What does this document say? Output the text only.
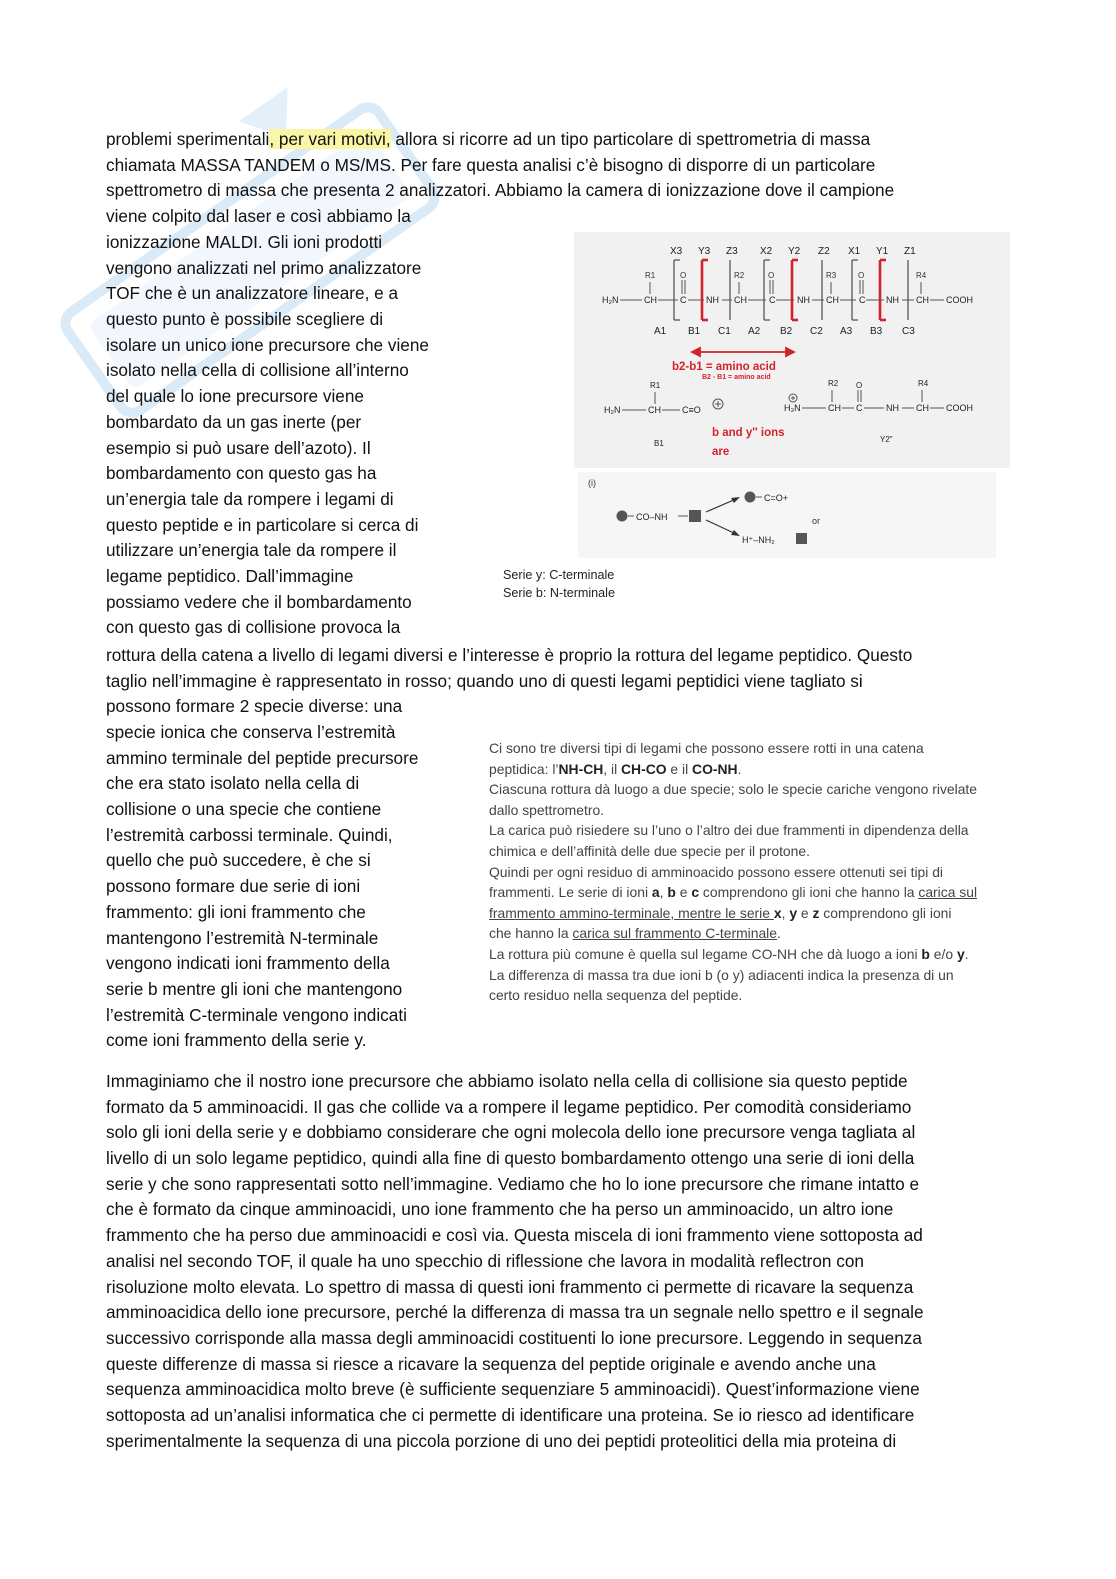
problemi sperimentali, per vari motivi, allora si ricorre ad un tipo particolare di spettrometria di massa
chiamata MASSA TANDEM o MS/MS. Per fare questa analisi c’è bisogno di disporre di un particolare
spettrometro di massa che presenta 2 analizzatori. Abbiamo la camera di ionizzazione dove il campione
viene colpito dal laser e così abbiamo la
ionizzazione MALDI. Gli ioni prodotti
vengono analizzati nel primo analizzatore
TOF che è un analizzatore lineare, e a
questo punto è possibile scegliere di
isolare un unico ione precursore che viene
isolato nella cella di collisione all’interno
del quale lo ione precursore viene
bombardato da un gas inerte (per
esempio si può usare dell’azoto). Il
bombardamento con questo gas ha
un’energia tale da rompere i legami di
questo peptide e in particolare si cerca di
utilizzare un’energia tale da rompere il
legame peptidico. Dall’immagine
possiamo vedere che il bombardamento
con questo gas di collisione provoca la
X3 Y3 Z3 X2 Y2 Z2 X1 Y1 Z1
R1	R2	R3	R4
O	O	O
H₂N	CH	C NH CH C NH CH C NH CH COOH
A1 B1 C1 A2 B2 C2 A3 B3 C3
b2-b1 = amino acid
B2 - B1 = amino acid
R1
H₂N	CH C≡O
B1
R2	R4
O
H₃N	CH C	NH CH COOH
Y2"
b and y'' ions
are
(i)
CO–NH
C=O+
H⁺–NH₂
or
Serie y: C-terminale
Serie b: N-terminale
rottura della catena a livello di legami diversi e l’interesse è proprio la rottura del legame peptidico. Questo
taglio nell’immagine è rappresentato in rosso; quando uno di questi legami peptidici viene tagliato si
possono formare 2 specie diverse: una
specie ionica che conserva l’estremità
ammino terminale del peptide precursore
che era stato isolato nella cella di
collisione o una specie che contiene
l’estremità carbossi terminale. Quindi,
quello che può succedere, è che si
possono formare due serie di ioni
frammento: gli ioni frammento che
mantengono l’estremità N-terminale
vengono indicati ioni frammento della
serie b mentre gli ioni che mantengono
l’estremità C-terminale vengono indicati
come ioni frammento della serie y.
Ci sono tre diversi tipi di legami che possono essere rotti in una catena
peptidica: l’NH-CH, il CH-CO e il CO-NH.
Ciascuna rottura dà luogo a due specie; solo le specie cariche vengono rivelate
dallo spettrometro.
La carica può risiedere su l’uno o l’altro dei due frammenti in dipendenza della
chimica e dell’affinità delle due specie per il protone.
Quindi per ogni residuo di amminoacido possono essere ottenuti sei tipi di
frammenti. Le serie di ioni a, b e c comprendono gli ioni che hanno la carica sul
frammento ammino-terminale, mentre le serie x, y e z comprendono gli ioni
che hanno la carica sul frammento C-terminale.
La rottura più comune è quella sul legame CO-NH che dà luogo a ioni b e/o y.
La differenza di massa tra due ioni b (o y) adiacenti indica la presenza di un
certo residuo nella sequenza del peptide.
Immaginiamo che il nostro ione precursore che abbiamo isolato nella cella di collisione sia questo peptide
formato da 5 amminoacidi. Il gas che collide va a rompere il legame peptidico. Per comodità consideriamo
solo gli ioni della serie y e dobbiamo considerare che ogni molecola dello ione precursore venga tagliata al
livello di un solo legame peptidico, quindi alla fine di questo bombardamento ottengo una serie di ioni della
serie y che sono rappresentati sotto nell’immagine. Vediamo che ho lo ione precursore che rimane intatto e
che è formato da cinque amminoacidi, uno ione frammento che ha perso un amminoacido, un altro ione
frammento che ha perso due amminoacidi e così via. Questa miscela di ioni frammento viene sottoposta ad
analisi nel secondo TOF, il quale ha uno specchio di riflessione che lavora in modalità reflectron con
risoluzione molto elevata. Lo spettro di massa di questi ioni frammento ci permette di ricavare la sequenza
amminoacidica dello ione precursore, perché la differenza di massa tra un segnale nello spettro e il segnale
successivo corrisponde alla massa degli amminoacidi costituenti lo ione precursore. Leggendo in sequenza
queste differenze di massa si riesce a ricavare la sequenza del peptide originale e avendo anche una
sequenza amminoacidica molto breve (è sufficiente sequenziare 5 amminoacidi). Quest’informazione viene
sottoposta ad un’analisi informatica che ci permette di identificare una proteina. Se io riesco ad identificare
sperimentalmente la sequenza di una piccola porzione di uno dei peptidi proteolitici della mia proteina di
